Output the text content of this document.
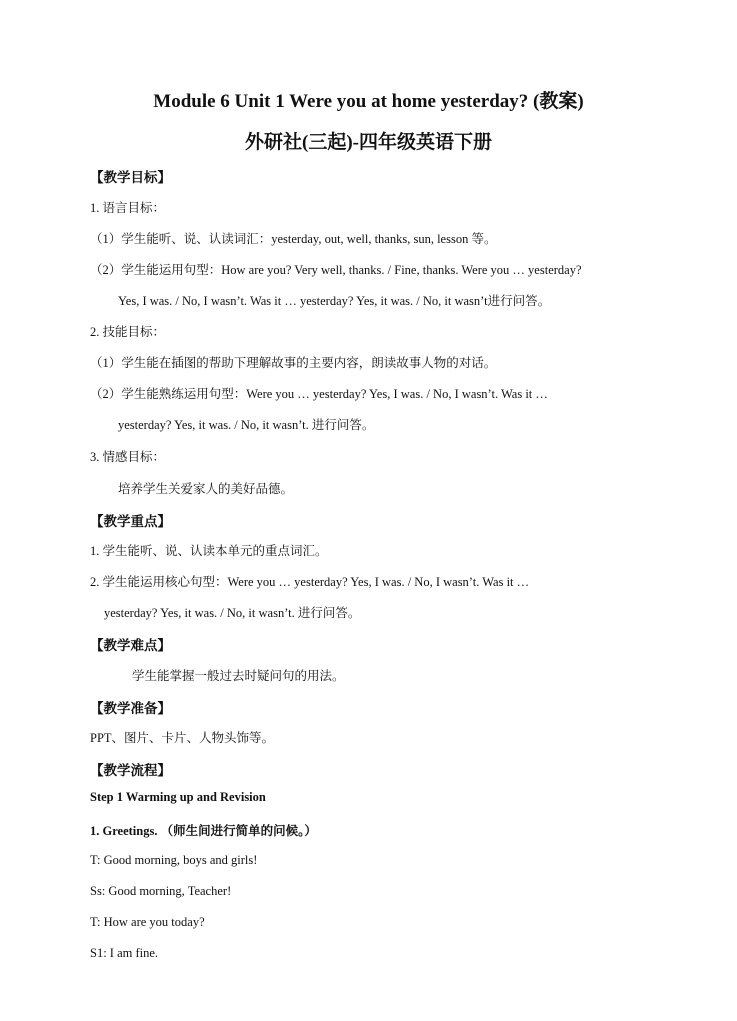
Module 6 Unit 1 Were you at home yesterday? (教案)
外研社(三起)-四年级英语下册
【教学目标】
1. 语言目标：
（1）学生能听、说、认读词汇：yesterday, out, well, thanks, sun, lesson 等。
（2）学生能运用句型：How are you? Very well, thanks. / Fine, thanks. Were you … yesterday?
Yes, I was. / No, I wasn’t. Was it … yesterday? Yes, it was. / No, it wasn’t进行问答。
2. 技能目标：
（1）学生能在插图的帮助下理解故事的主要内容，朗读故事人物的对话。
（2）学生能熟练运用句型：Were you … yesterday? Yes, I was. / No, I wasn’t. Was it …
yesterday? Yes, it was. / No, it wasn’t. 进行问答。
3. 情感目标：
培养学生关爱家人的美好品德。
【教学重点】
1. 学生能听、说、认读本单元的重点词汇。
2. 学生能运用核心句型：Were you … yesterday? Yes, I was. / No, I wasn’t. Was it …
yesterday? Yes, it was. / No, it wasn’t. 进行问答。
【教学难点】
学生能掌握一般过去时疑问句的用法。
【教学准备】
PPT、图片、卡片、人物头饰等。
【教学流程】
Step 1 Warming up and Revision
1. Greetings. （师生间进行简单的问候。）
T: Good morning, boys and girls!
Ss: Good morning, Teacher!
T: How are you today?
S1: I am fine.
